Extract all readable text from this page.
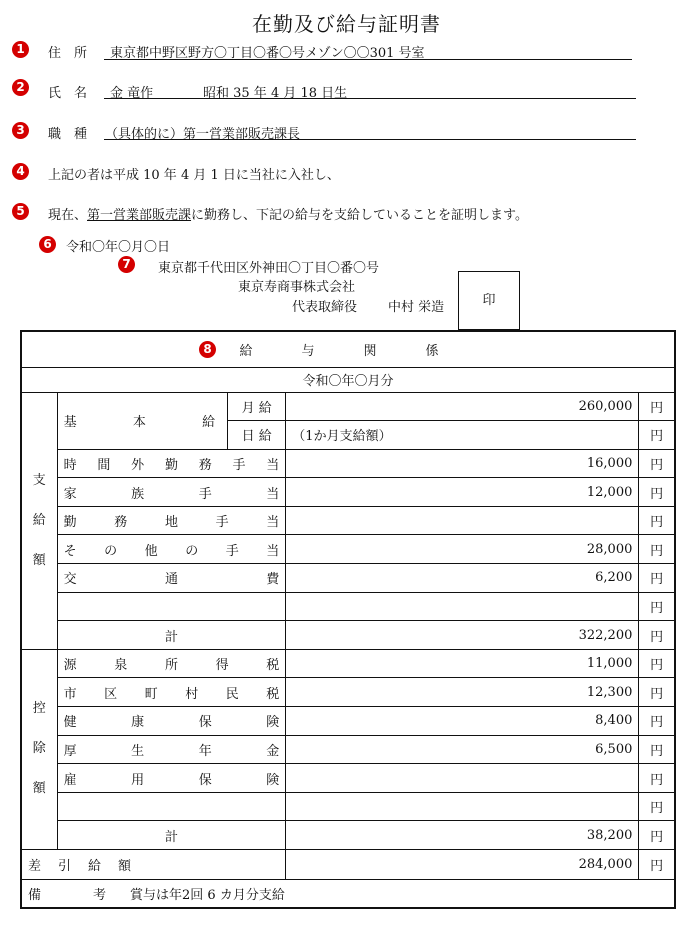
在勤及び給与証明書
1	住　所 東京都中野区野方〇丁目〇番〇号メゾン〇〇301 号室
2	氏　名 金 竜作	昭和 35 年 4 月 18 日生
3	職　種 （具体的に）第一営業部販売課長
4	上記の者は平成 10 年 4 月 1 日に当社に入社し、
5	現在、第一営業部販売課に勤務し、下記の給与を支給していることを証明します。
6	令和〇年〇月〇日
7	東京都千代田区外神田〇丁目〇番〇号
東京寿商事株式会社
代表取締役 中村 栄造	印
8 給　与　関　係				
令和〇年〇月分				
支給額	基　本　給	月 給	260,000	円
		日 給	（1か月支給額）	円
	時間外勤務手当		16,000	円
	家族手当		12,000	円
	勤務地手当			円
	その他の手当		28,000	円
	交通費		6,200	円
				円
	計		322,200	円
控除額	源泉所得税		11,000	円
	市区町村民税		12,300	円
	健康保険		8,400	円
	厚生年金		6,500	円
	雇用保険			円
				円
	計		38,200	円
差　引　給　額			284,000	円
備　　　　考 賞与は年2回 6 カ月分支給				
